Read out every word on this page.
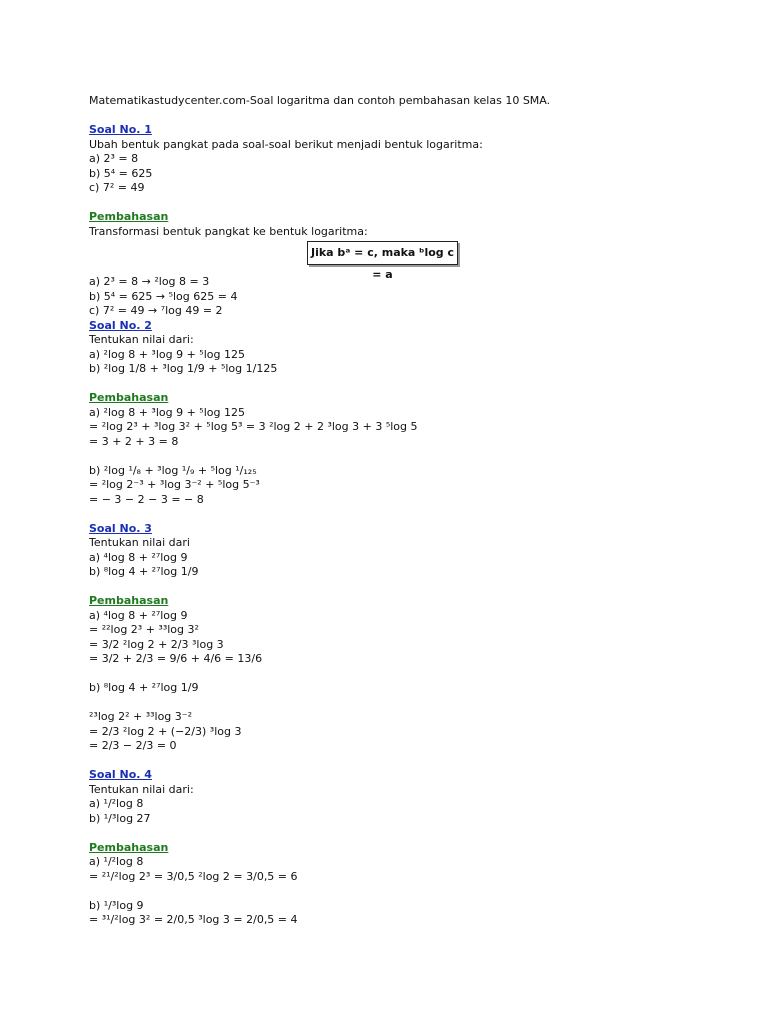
Matematikastudycenter.com-Soal logaritma dan contoh pembahasan kelas 10 SMA.
Soal No. 1
Ubah bentuk pangkat pada soal-soal berikut menjadi bentuk logaritma:
a) 2³ = 8
b) 5⁴ = 625
c) 7² = 49
Pembahasan
Transformasi bentuk pangkat ke bentuk logaritma:
Jika bᵃ = c, maka ᵇlog c = a
a) 2³ = 8 → ²log 8 = 3
b) 5⁴ = 625 → ⁵log 625 = 4
c) 7² = 49 → ⁷log 49 = 2
Soal No. 2
Tentukan nilai dari:
a) ²log 8 + ³log 9 + ⁵log 125
b) ²log 1/8 + ³log 1/9 + ⁵log 1/125
Pembahasan
a) ²log 8 + ³log 9 + ⁵log 125
= ²log 2³ + ³log 3² + ⁵log 5³ = 3 ²log 2 + 2 ³log 3 + 3 ⁵log 5
= 3 + 2 + 3 = 8
b) ²log ¹/₈ + ³log ¹/₉ + ⁵log ¹/₁₂₅
= ²log 2⁻³ + ³log 3⁻² + ⁵log 5⁻³
= − 3 − 2 − 3 = − 8
Soal No. 3
Tentukan nilai dari
a) ⁴log 8 + ²⁷log 9
b) ⁸log 4 + ²⁷log 1/9
Pembahasan
a) ⁴log 8 + ²⁷log 9
= ²²log 2³ + ³³log 3²
= 3/2 ²log 2 + 2/3 ³log 3
= 3/2 + 2/3 = 9/6 + 4/6 = 13/6
b) ⁸log 4 + ²⁷log 1/9
²³log 2² + ³³log 3⁻²
= 2/3 ²log 2 + (−2/3) ³log 3
= 2/3 − 2/3 = 0
Soal No. 4
Tentukan nilai dari:
a) ¹/²log 8
b) ¹/³log 27
Pembahasan
a) ¹/²log 8
= ²¹/²log 2³ = 3/0,5 ²log 2 = 3/0,5 = 6
b) ¹/³log 9
= ³¹/²log 3² = 2/0,5 ³log 3 = 2/0,5 = 4
